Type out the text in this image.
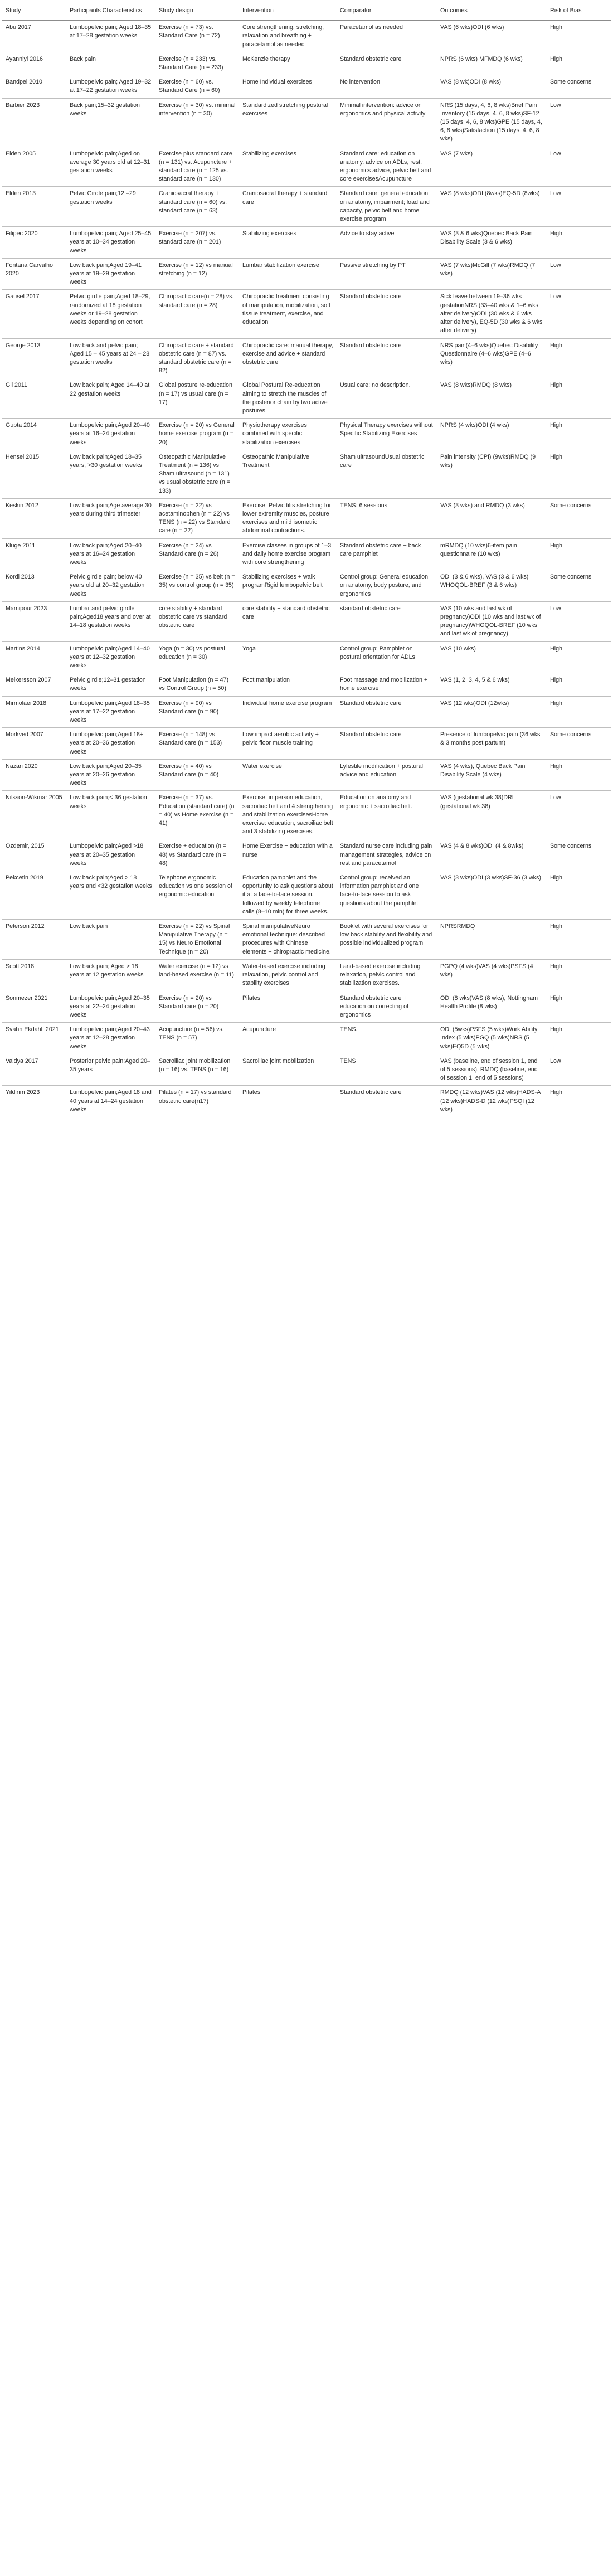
Study	Participants Characteristics	Study design	Intervention	Comparator	Outcomes	Risk of Bias
Abu 2017	Lumbopelvic pain; Aged 18–35 at 17–28 gestation weeks	Exercise (n = 73) vs. Standard Care (n = 72)	Core strengthening, stretching, relaxation and breathing + paracetamol as needed	Paracetamol as needed	VAS (6 wks)ODI (6 wks)	High
Ayanniyi 2016	Back pain	Exercise (n = 233) vs. Standard Care (n = 233)	McKenzie therapy	Standard obstetric care	NPRS (6 wks) MFMDQ (6 wks)	High
Bandpei 2010	Lumbopelvic pain; Aged 19–32 at 17–22 gestation weeks	Exercise (n = 60) vs. Standard Care (n = 60)	Home Individual exercises	No intervention	VAS (8 wk)ODI (8 wks)	Some concerns
Barbier 2023	Back pain;15–32 gestation weeks	Exercise (n = 30) vs. minimal intervention (n = 30)	Standardized stretching postural exercises	Minimal intervention: advice on ergonomics and physical activity	NRS (15 days, 4, 6, 8 wks)Brief Pain Inventory (15 days, 4, 6, 8 wks)SF-12 (15 days, 4, 6, 8 wks)GPE (15 days, 4, 6, 8 wks)Satisfaction (15 days, 4, 6, 8 wks)	Low
Elden 2005	Lumbopelvic pain;Aged on average 30 years old at 12–31 gestation weeks	Exercise plus standard care (n = 131) vs. Acupuncture + standard care (n = 125 vs. standard care (n = 130)	Stabilizing exercises	Standard care: education on anatomy, advice on ADLs, rest, ergonomics advice, pelvic belt and core exercisesAcupuncture	VAS (7 wks)	Low
Elden 2013	Pelvic Girdle pain;12 –29 gestation weeks	Craniosacral therapy + standard care (n = 60) vs. standard care (n = 63)	Craniosacral therapy + standard care	Standard care: general education on anatomy, impairment; load and capacity, pelvic belt and home exercise program	VAS (8 wks)ODI (8wks)EQ-5D (8wks)	Low
Filipec 2020	Lumbopelvic pain; Aged 25–45 years at 10–34 gestation weeks	Exercise (n = 207) vs. standard care (n = 201)	Stabilizing exercises	Advice to stay active	VAS (3 & 6 wks)Quebec Back Pain Disability Scale (3 & 6 wks)	High
Fontana Carvalho 2020	Low back pain;Aged 19–41 years at 19–29 gestation weeks	Exercise (n = 12) vs manual stretching (n = 12)	Lumbar stabilization exercise	Passive stretching by PT	VAS (7 wks)McGill (7 wks)RMDQ (7 wks)	Low
Gausel 2017	Pelvic girdle pain;Aged 18–29, randomized at 18 gestation weeks or 19–28 gestation weeks depending on cohort	Chiropractic care(n = 28) vs. standard care (n = 28)	Chiropractic treatment consisting of manipulation, mobilization, soft tissue treatment, exercise, and education	Standard obstetric care	Sick leave between 19–36 wks gestationNRS (33–40 wks & 1–6 wks after delivery)ODI (30 wks & 6 wks after delivery), EQ-5D (30 wks & 6 wks after delivery)	Low
George 2013	Low back and pelvic pain; Aged 15 – 45 years at 24 – 28 gestation weeks	Chiropractic care + standard obstetric care (n = 87) vs. standard obstetric care (n = 82)	Chiropractic care: manual therapy, exercise and advice + standard obstetric care	Standard obstetric care	NRS pain(4–6 wks)Quebec Disability Questionnaire (4–6 wks)GPE (4–6 wks)	High
Gil 2011	Low back pain; Aged 14–40 at 22 gestation weeks	Global posture re-education (n = 17) vs usual care (n = 17)	Global Postural Re-education aiming to stretch the muscles of the posterior chain by two active postures	Usual care: no description.	VAS (8 wks)RMDQ (8 wks)	High
Gupta 2014	Lumbopelvic pain;Aged 20–40 years at 16–24 gestation weeks	Exercise (n = 20) vs General home exercise program (n = 20)	Physiotherapy exercises combined with specific stabilization exercises	Physical Therapy exercises without Specific Stabilizing Exercises	NPRS (4 wks)ODI (4 wks)	High
Hensel 2015	Low back pain;Aged 18–35 years, >30 gestation weeks	Osteopathic Manipulative Treatment (n = 136) vs Sham ultrasound (n = 131) vs usual obstetric care (n = 133)	Osteopathic Manipulative Treatment	Sham ultrasoundUsual obstetric care	Pain intensity (CPI) (9wks)RMDQ (9 wks)	High
Keskin 2012	Low back pain;Age average 30 years during third trimester	Exercise (n = 22) vs acetaminophen (n = 22) vs TENS (n = 22) vs Standard care (n = 22)	Exercise: Pelvic tilts stretching for lower extremity muscles, posture exercises and mild isometric abdominal contractions.	TENS: 6 sessions	VAS (3 wks) and RMDQ (3 wks)	Some concerns
Kluge 2011	Low back pain;Aged 20–40 years at 16–24 gestation weeks	Exercise (n = 24) vs Standard care (n = 26)	Exercise classes in groups of 1–3 and daily home exercise program with core strengthening	Standard obstetric care + back care pamphlet	mRMDQ (10 wks)6-item pain questionnaire (10 wks)	High
Kordi 2013	Pelvic girdle pain; below 40 years old at 20–32 gestation weeks	Exercise (n = 35) vs belt (n = 35) vs control group (n = 35)	Stabilizing exercises + walk programRigid lumbopelvic belt	Control group: General education on anatomy, body posture, and ergonomics	ODI (3 & 6 wks), VAS (3 & 6 wks) WHOQOL-BREF (3 & 6 wks)	Some concerns
Mamipour 2023	Lumbar and pelvic girdle pain;Aged18 years and over at 14–18 gestation weeks	core stability + standard obstetric care vs standard obstetric care	core stability + standard obstetric care	standard obstetric care	VAS (10 wks and last wk of pregnancy)ODI (10 wks and last wk of pregnancy)WHOQOL-BREF (10 wks and last wk of pregnancy)	Low
Martins 2014	Lumbopelvic pain;Aged 14–40 years at 12–32 gestation weeks	Yoga (n = 30) vs postural education (n = 30)	Yoga	Control group: Pamphlet on postural orientation for ADLs	VAS (10 wks)	High
Melkersson 2007	Pelvic girdle;12–31 gestation weeks	Foot Manipulation (n = 47) vs Control Group (n = 50)	Foot manipulation	Foot massage and mobilization + home exercise	VAS (1, 2, 3, 4, 5 & 6 wks)	High
Mirmolaei 2018	Lumbopelvic pain;Aged 18–35 years at 17–22 gestation weeks	Exercise (n = 90) vs Standard care (n = 90)	Individual home exercise program	Standard obstetric care	VAS (12 wks)ODI (12wks)	High
Morkved 2007	Lumbopelvic pain;Aged 18+ years at 20–36 gestation weeks	Exercise (n = 148) vs Standard care (n = 153)	Low impact aerobic activity + pelvic floor muscle training	Standard obstetric care	Presence of lumbopelvic pain (36 wks & 3 months post partum)	Some concerns
Nazari 2020	Low back pain;Aged 20–35 years at 20–26 gestation weeks	Exercise (n = 40) vs Standard care (n = 40)	Water exercise	Lyfestile modification + postural advice and education	VAS (4 wks), Quebec Back Pain Disability Scale (4 wks)	High
Nilsson-Wikmar 2005	Low back pain;< 36 gestation weeks	Exercise (n = 37) vs. Education (standard care) (n = 40) vs Home exercise (n = 41)	Exercise: in person education, sacroiliac belt and 4 strengthening and stabilization exercisesHome exercise: education, sacroiliac belt and 3 stabilizing exercises.	Education on anatomy and ergonomic + sacroiliac belt.	VAS (gestational wk 38)DRI (gestational wk 38)	Low
Ozdemir, 2015	Lumbopelvic pain;Aged >18 years at 20–35 gestation weeks	Exercise + education (n = 48) vs Standard care (n = 48)	Home Exercise + education with a nurse	Standard nurse care including pain management strategies, advice on rest and paracetamol	VAS (4 & 8 wks)ODI (4 & 8wks)	Some concerns
Pekcetin 2019	Low back pain;Aged > 18 years and <32 gestation weeks	Telephone ergonomic education vs one session of ergonomic education	Education pamphlet and the opportunity to ask questions about it at a face-to-face session, followed by weekly telephone calls (8–10 min) for three weeks.	Control group: received an information pamphlet and one face-to-face session to ask questions about the pamphlet	VAS (3 wks)ODI (3 wks)SF-36 (3 wks)	High
Peterson 2012	Low back pain	Exercise (n = 22) vs Spinal Manipulative Therapy (n = 15) vs Neuro Emotional Technique (n = 20)	Spinal manipulativeNeuro emotional technique: described procedures with Chinese elements + chiropractic medicine.	Booklet with several exercises for low back stability and flexibility and possible individualized program	NPRSRMDQ	High
Scott 2018	Low back pain; Aged > 18 years at 12 gestation weeks	Water exercise (n = 12) vs land-based exercise (n = 11)	Water-based exercise including relaxation, pelvic control and stability exercises	Land-based exercise including relaxation, pelvic control and stabilization exercises.	PGPQ (4 wks)VAS (4 wks)PSFS (4 wks)	High
Sonmezer 2021	Lumbopelvic pain;Aged 20–35 years at 22–24 gestation weeks	Exercise (n = 20) vs Standard care (n = 20)	Pilates	Standard obstetric care + education on correcting of ergonomics	ODI (8 wks)VAS (8 wks), Nottingham Health Profile (8 wks)	High
Svahn Ekdahl, 2021	Lumbopelvic pain;Aged 20–43 years at 12–28 gestation weeks	Acupuncture (n = 56) vs. TENS (n = 57)	Acupuncture	TENS.	ODI (5wks)PSFS (5 wks)Work Ability Index (5 wks)PGQ (5 wks)NRS (5 wks)EQ5D (5 wks)	High
Vaidya 2017	Posterior pelvic pain;Aged 20–35 years	Sacroiliac joint mobilization (n = 16) vs. TENS (n = 16)	Sacroiliac joint mobilization	TENS	VAS (baseline, end of session 1, end of 5 sessions), RMDQ (baseline, end of session 1, end of 5 sessions)	Low
Yildirim 2023	Lumbopelvic pain;Aged 18 and 40 years at 14–24 gestation weeks	Pilates (n = 17) vs standard obstetric care(n17)	Pilates	Standard obstetric care	RMDQ (12 wks)VAS (12 wks)HADS-A (12 wks)HADS-D (12 wks)PSQI (12 wks)	High
